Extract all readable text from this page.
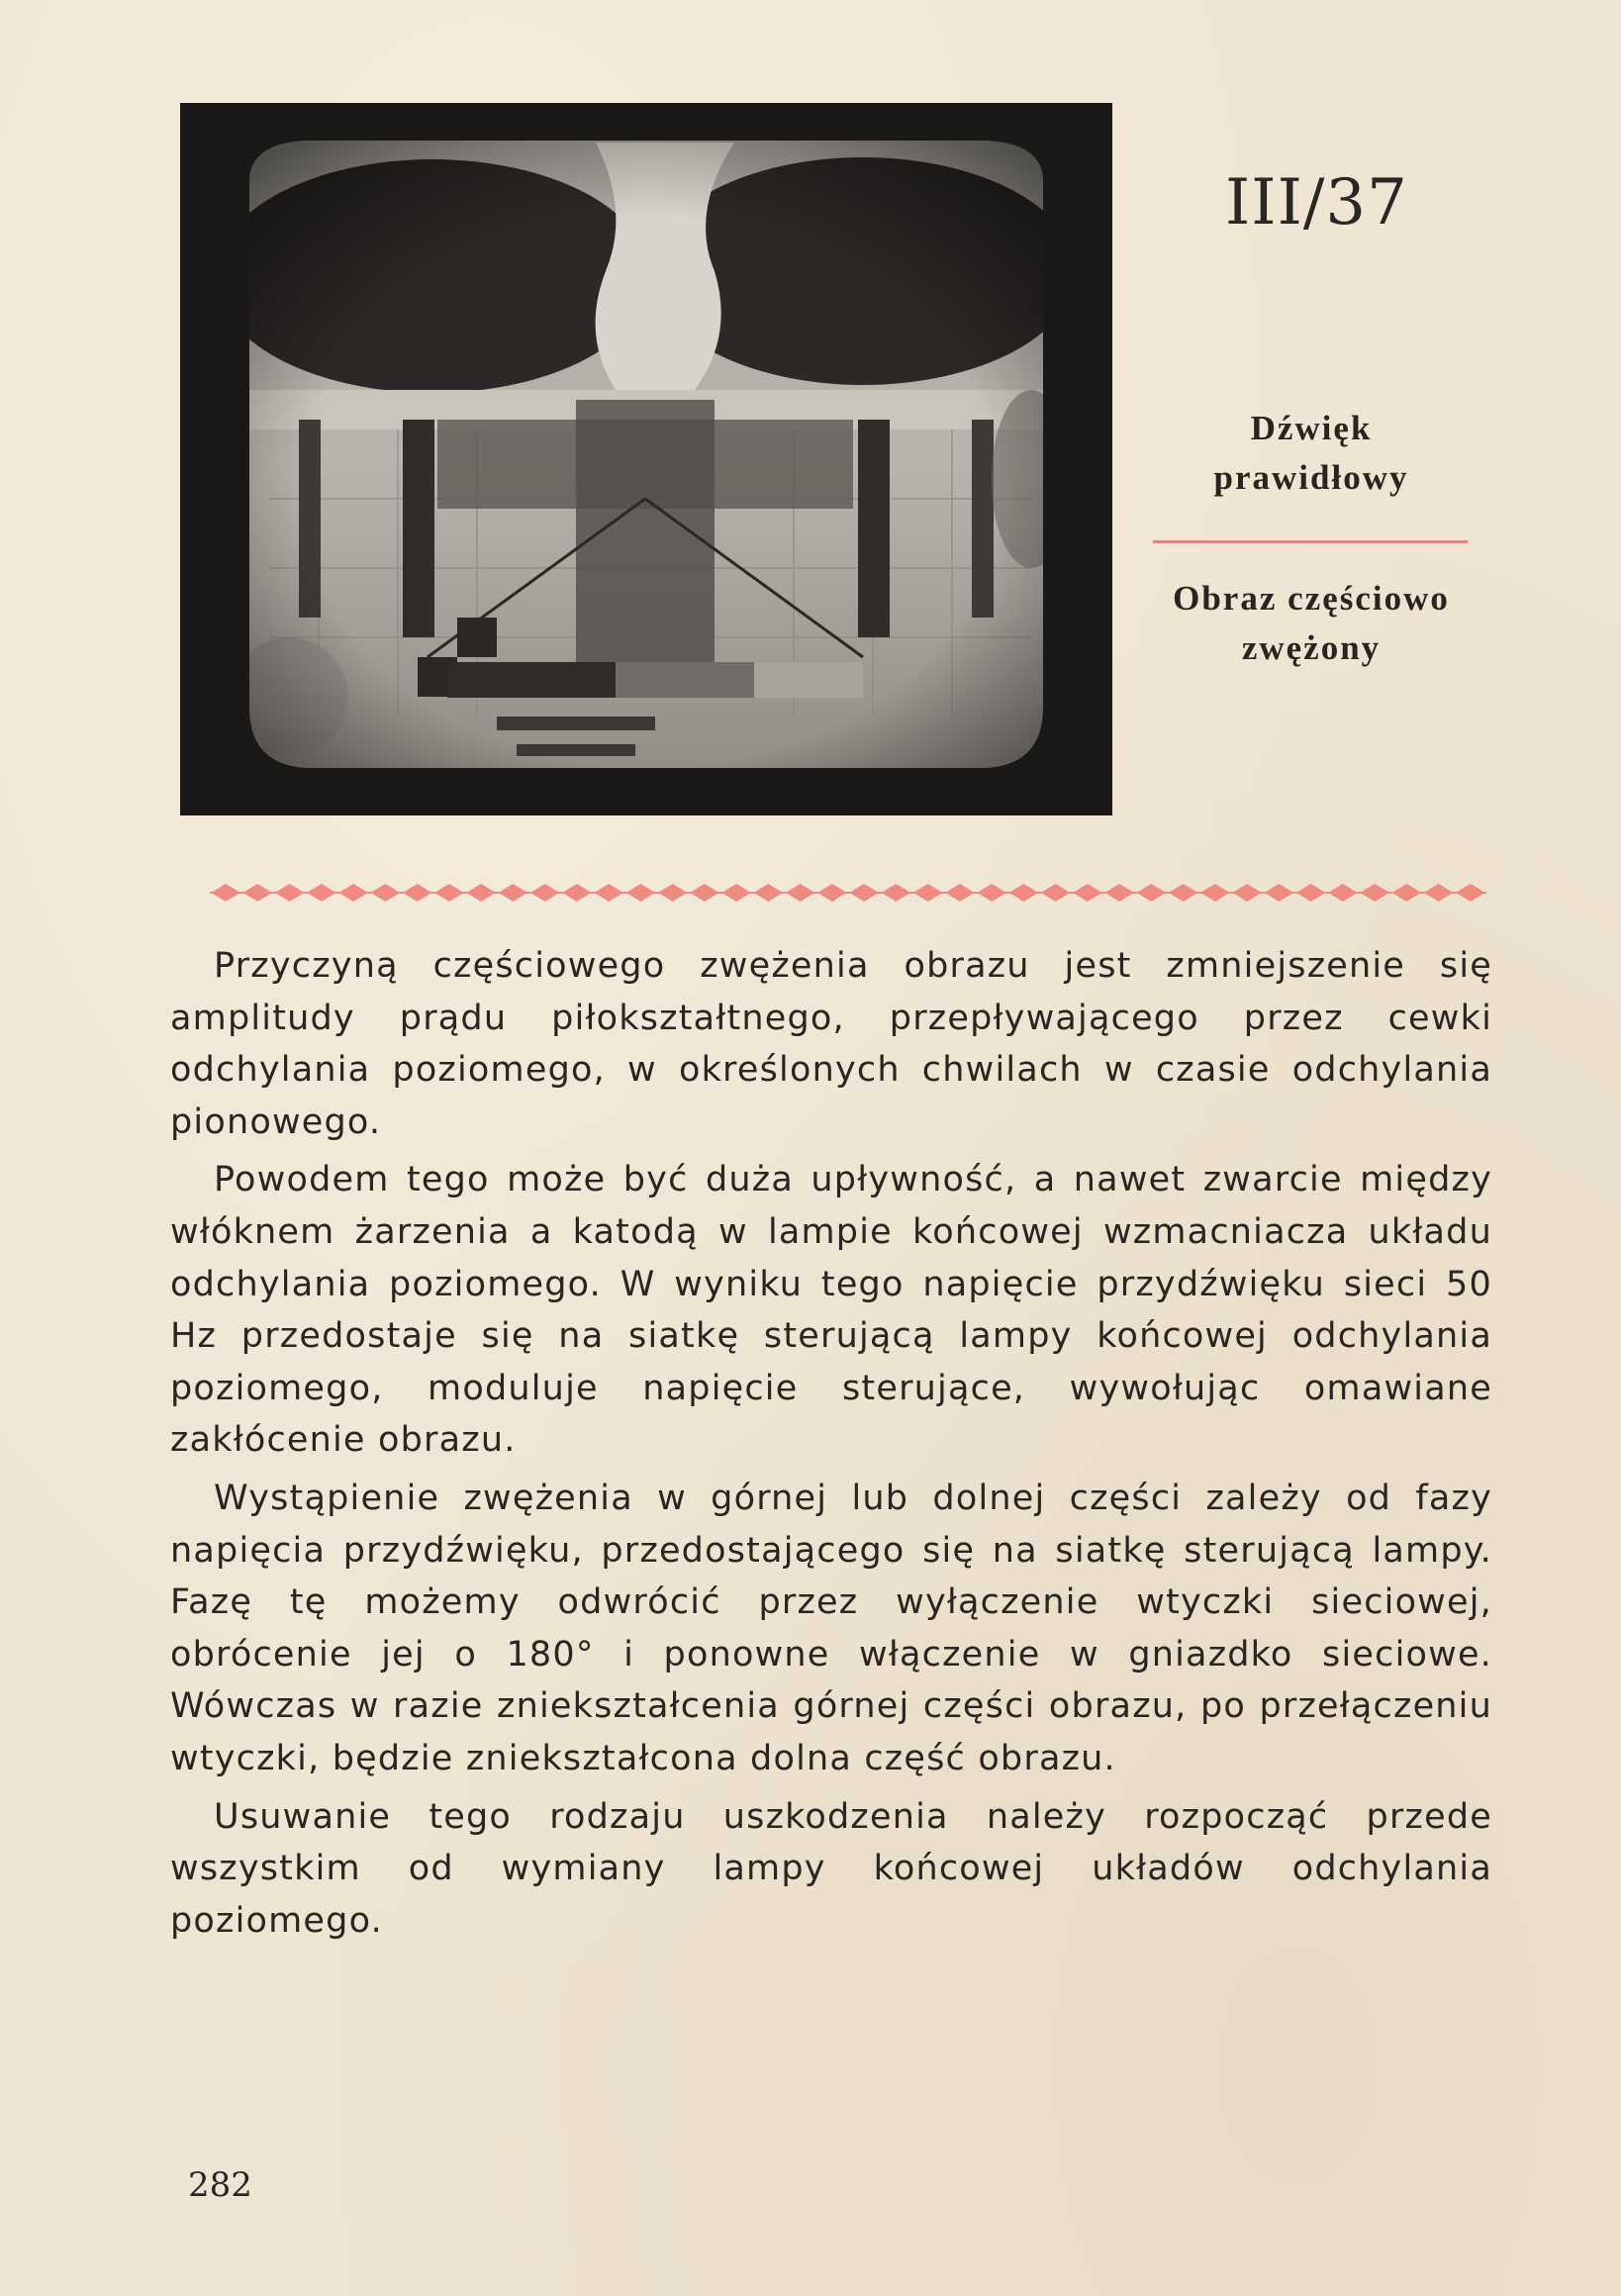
III/37
Dźwięk prawidłowy
Obraz częściowo zwężony

Przyczyną częściowego zwężenia obrazu jest zmniejszenie się amplitudy prądu piłokształtnego, przepływającego przez cewki odchylania poziomego, w określonych chwilach w czasie odchylania pionowego.

Powodem tego może być duża upływność, a nawet zwarcie między włóknem żarzenia a katodą w lampie końcowej wzmacniacza układu odchylania poziomego. W wyniku tego napięcie przydźwięku sieci 50 Hz przedostaje się na siatkę sterującą lampy końcowej odchylania poziomego, moduluje napięcie sterujące, wywołując omawiane zakłócenie obrazu.

Wystąpienie zwężenia w górnej lub dolnej części zależy od fazy napięcia przydźwięku, przedostającego się na siatkę sterującą lampy. Fazę tę możemy odwrócić przez wyłączenie wtyczki sieciowej, obrócenie jej o 180° i ponowne włączenie w gniazdko sieciowe. Wówczas w razie zniekształcenia górnej części obrazu, po przełączeniu wtyczki, będzie zniekształcona dolna część obrazu.

Usuwanie tego rodzaju uszkodzenia należy rozpocząć przede wszystkim od wymiany lampy końcowej układów odchylania poziomego.

282
